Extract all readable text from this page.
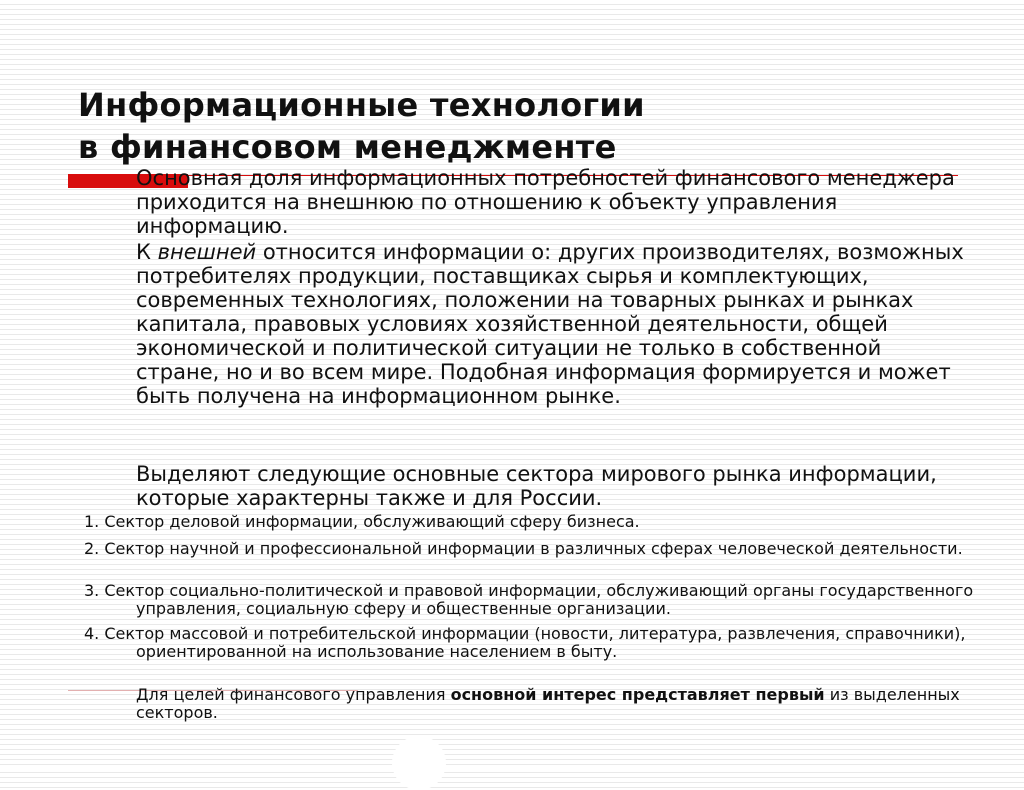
Информационные технологии
в финансовом менеджменте

Основная доля информационных потребностей финансового менеджера приходится на внешнюю по отношению к объекту управления информацию.

К внешней относится информации о: других производителях, возможных потребителях продукции, поставщиках сырья и комплектующих, современных технологиях, положении на товарных рынках и рынках капитала, правовых условиях хозяйственной деятельности, общей экономической и политической ситуации не только в собственной стране, но и во всем мире. Подобная информация формируется и может быть получена на информационном рынке.

Выделяют следующие основные сектора мирового рынка информации, которые характерны также и для России.

1. Сектор деловой информации, обслуживающий сферу бизнеса.

2. Сектор научной и профессиональной информации в различных сферах человеческой деятельности.

3. Сектор социально-политической и правовой информации, обслуживающий органы государственного управления, социальную сферу и общественные организации.

4. Сектор массовой и потребительской информации (новости, литература, развлечения, справочники), ориентированной на использование населением в быту.

Для целей финансового управления основной интерес представляет первый из выделенных секторов.
